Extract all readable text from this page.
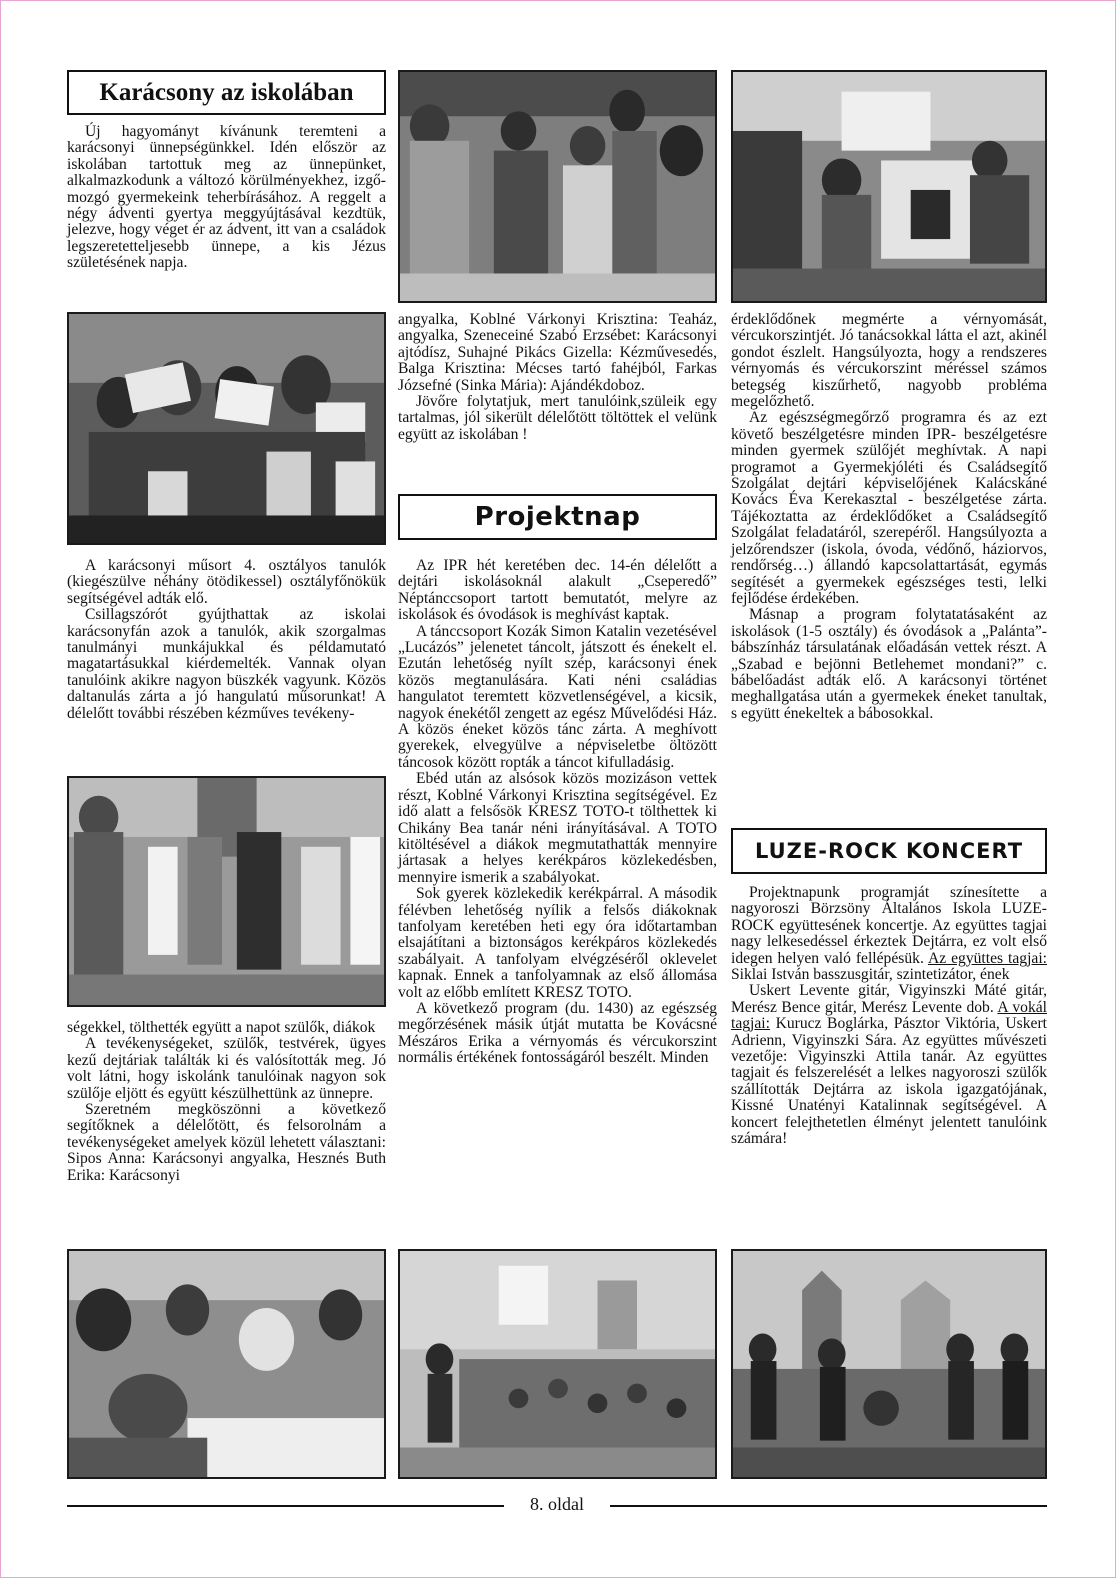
Karácsony az iskolában

Új hagyományt kívánunk teremteni a karácsonyi ünnepségünkkel. Idén először az iskolában tartottuk meg az ünnepünket, alkalmazkodunk a változó körülményekhez, izgő-mozgó gyermekeink teherbírásához. A reggelt a négy ádventi gyertya meggyújtásával kezdtük, jelezve, hogy véget ér az ádvent, itt van a családok legszeretetteljesebb ünnepe, a kis Jézus születésének napja.

A karácsonyi műsort 4. osztályos tanulók (kiegészülve néhány ötödikessel) osztályfőnökük segítségével adták elő.

Csillagszórót gyújthattak az iskolai karácsonyfán azok a tanulók, akik szorgalmas tanulmányi munkájukkal és példamutató magatartásukkal kiérdemelték. Vannak olyan tanulóink akikre nagyon büszkék vagyunk. Közös daltanulás zárta a jó hangulatú műsorunkat! A délelőtt további részében kézműves tevékeny-

ségekkel, tölthették együtt a napot szülők, diákok

A tevékenységeket, szülők, testvérek, ügyes kezű dejtáriak találták ki és valósították meg. Jó volt látni, hogy iskolánk tanulóinak nagyon sok szülője eljött és együtt készülhettünk az ünnepre.

Szeretném megköszönni a következő segítőknek a délelőtött, és felsorolnám a tevékenységeket amelyek közül lehetett választani: Sipos Anna: Karácsonyi angyalka, Hesznés Buth Erika: Karácsonyi

angyalka, Koblné Várkonyi Krisztina: Teaház, angyalka, Szeneceiné Szabó Erzsébet: Karácsonyi ajtódísz, Suhajné Pikács Gizella: Kézművesedés, Balga Krisztina: Mécses tartó fahéjból, Farkas Józsefné (Sinka Mária): Ajándékdoboz.

Jövőre folytatjuk, mert tanulóink,szüleik egy tartalmas, jól sikerült délelőtött töltöttek el velünk együtt az iskolában !

Projektnap

Az IPR hét keretében dec. 14-én délelőtt a dejtári iskolásoknál alakult „Cseperedő” Néptánccsoport tartott bemutatót, melyre az iskolások és óvodások is meghívást kaptak.

A tánccsoport Kozák Simon Katalin vezetésével „Lucázós” jelenetet táncolt, játszott és énekelt el. Ezután lehetőség nyílt szép, karácsonyi ének közös megtanulására. Kati néni családias hangulatot teremtett közvetlenségével, a kicsik, nagyok énekétől zengett az egész Művelődési Ház. A közös éneket közös tánc zárta. A meghívott gyerekek, elvegyülve a népviseletbe öltözött táncosok között ropták a táncot kifulladásig.

Ebéd után az alsósok közös mozizáson vettek részt, Koblné Várkonyi Krisztina segítségével. Ez idő alatt a felsősök KRESZ TOTO-t tölthettek ki Chikány Bea tanár néni irányításával. A TOTO kitöltésével a diákok megmutathatták mennyire jártasak a helyes kerékpáros közlekedésben, mennyire ismerik a szabályokat.

Sok gyerek közlekedik kerékpárral. A második félévben lehetőség nyílik a felsős diákoknak tanfolyam keretében heti egy óra időtartamban elsajátítani a biztonságos kerékpáros közlekedés szabályait. A tanfolyam elvégzéséről oklevelet kapnak. Ennek a tanfolyamnak az első állomása volt az előbb említett KRESZ TOTO.

A következő program (du. 1430) az egészség megőrzésének másik útját mutatta be Kovácsné Mészáros Erika a vérnyomás és vércukorszint normális értékének fontosságáról beszélt. Minden

érdeklődőnek megmérte a vérnyomását, vércukorszintjét. Jó tanácsokkal látta el azt, akinél gondot észlelt. Hangsúlyozta, hogy a rendszeres vérnyomás és vércukorszint méréssel számos betegség kiszűrhető, nagyobb probléma megelőzhető.

Az egészségmegőrző programra és az ezt követő beszélgetésre minden IPR- beszélgetésre minden gyermek szülőjét meghívtak. A napi programot a Gyermekjóléti és Családsegítő Szolgálat dejtári képviselőjének Kalácskáné Kovács Éva Kerekasztal - beszélgetése zárta. Tájékoztatta az érdeklődőket a Családsegítő Szolgálat feladatáról, szerepéről. Hangsúlyozta a jelzőrendszer (iskola, óvoda, védőnő, háziorvos, rendőrség…) állandó kapcsolattartását, egymás segítését a gyermekek egészséges testi, lelki fejlődése érdekében.

Másnap a program folytatatásaként az iskolások (1-5 osztály) és óvodások a „Palánta”- bábszínház társulatának előadásán vettek részt. A „Szabad e bejönni Betlehemet mondani?” c. bábelőadást adták elő. A karácsonyi történet meghallgatása után a gyermekek éneket tanultak, s együtt énekeltek a bábosokkal.

LUZE-ROCK KONCERT

Projektnapunk programját színesítette a nagyoroszi Börzsöny Általános Iskola LUZE-ROCK együttesének koncertje. Az együttes tagjai nagy lelkesedéssel érkeztek Dejtárra, ez volt első idegen helyen való fellépésük. Az együttes tagjai: Siklai István basszusgitár, szintetizátor, ének

Uskert Levente gitár, Vigyinszki Máté gitár, Merész Bence gitár, Merész Levente dob. A vokál tagjai: Kurucz Boglárka, Pásztor Viktória, Uskert Adrienn, Vigyinszki Sára. Az együttes művészeti vezetője: Vigyinszki Attila tanár. Az együttes tagjait és felszerelését a lelkes nagyoroszi szülők szállították Dejtárra az iskola igazgatójának, Kissné Unatényi Katalinnak segítségével. A koncert felejthetetlen élményt jelentett tanulóink számára!

8. oldal
